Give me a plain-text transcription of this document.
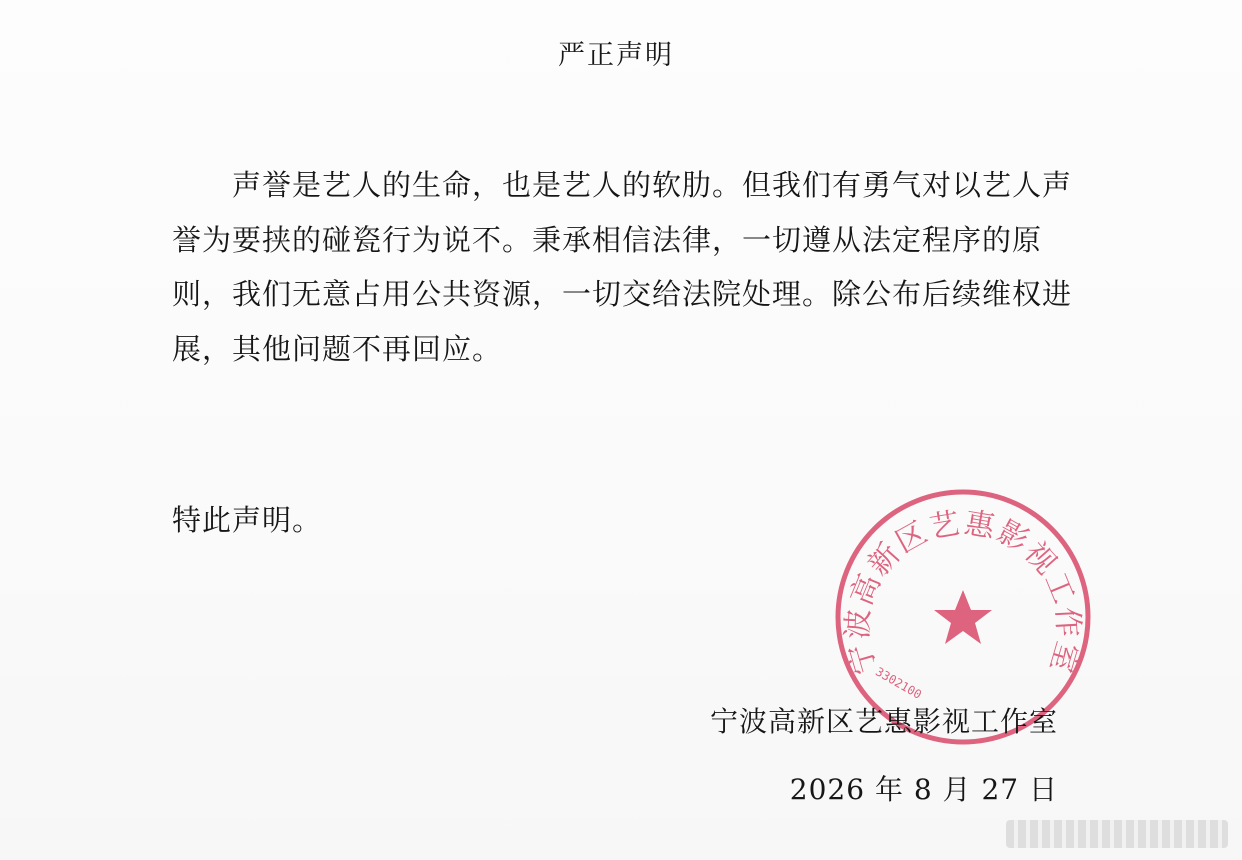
严正声明

声誉是艺人的生命，也是艺人的软肋。但我们有勇气对以艺人声誉为要挟的碰瓷行为说不。秉承相信法律，一切遵从法定程序的原则，我们无意占用公共资源，一切交给法院处理。除公布后续维权进展，其他问题不再回应。

特此声明。
宁波高新区艺惠影视工作室
3302100
宁波高新区艺惠影视工作室
2026 年 8 月 27 日
